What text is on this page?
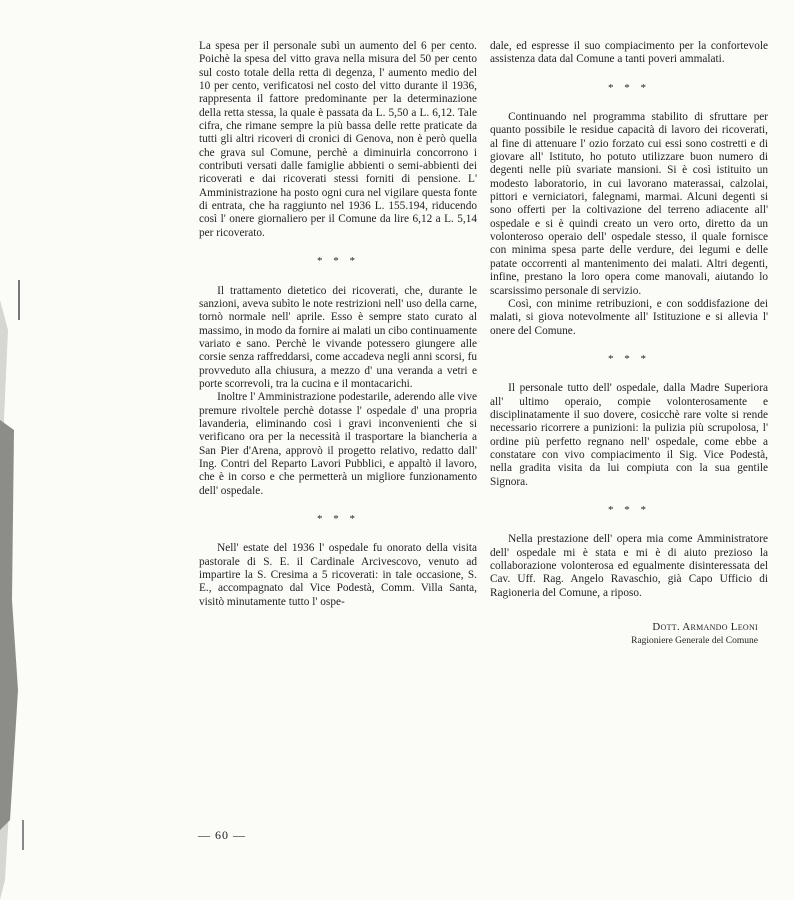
La spesa per il personale subì un aumento del 6 per cento. Poichè la spesa del vitto grava nella misura del 50 per cento sul costo totale della retta di degenza, l' aumento medio del 10 per cento, verificatosi nel costo del vitto durante il 1936, rappresenta il fattore predominante per la determinazione della retta stessa, la quale è passata da L. 5,50 a L. 6,12. Tale cifra, che rimane sempre la più bassa delle rette praticate da tutti gli altri ricoveri di cronici di Genova, non è però quella che grava sul Comune, perchè a diminuirla concorrono i contributi versati dalle famiglie abbienti o semi-abbienti dei ricoverati e dai ricoverati stessi forniti di pensione. L' Amministrazione ha posto ogni cura nel vigilare questa fonte di entrata, che ha raggiunto nel 1936 L. 155.194, riducendo così l' onere giornaliero per il Comune da lire 6,12 a L. 5,14 per ricoverato.

* * *

Il trattamento dietetico dei ricoverati, che, durante le sanzioni, aveva subìto le note restrizioni nell' uso della carne, tornò normale nell' aprile. Esso è sempre stato curato al massimo, in modo da fornire ai malati un cibo continuamente variato e sano. Perchè le vivande potessero giungere alle corsie senza raffreddarsi, come accadeva negli anni scorsi, fu provveduto alla chiusura, a mezzo d' una veranda a vetri e porte scorrevoli, tra la cucina e il montacarichi.

Inoltre l' Amministrazione podestarile, aderendo alle vive premure rivoltele perchè dotasse l' ospedale d' una propria lavanderia, eliminando così i gravi inconvenienti che si verificano ora per la necessità il trasportare la biancheria a San Pier d'Arena, approvò il progetto relativo, redatto dall' Ing. Contri del Reparto Lavori Pubblici, e appaltò il lavoro, che è in corso e che permetterà un migliore funzionamento dell' ospedale.

* * *

Nell' estate del 1936 l' ospedale fu onorato della visita pastorale di S. E. il Cardinale Arcivescovo, venuto ad impartire la S. Cresima a 5 ricoverati: in tale occasione, S. E., accompagnato dal Vice Podestà, Comm. Villa Santa, visitò minutamente tutto l' ospe-

dale, ed espresse il suo compiacimento per la confortevole assistenza data dal Comune a tanti poveri ammalati.

* * *

Continuando nel programma stabilito di sfruttare per quanto possibile le residue capacità di lavoro dei ricoverati, al fine di attenuare l' ozio forzato cui essi sono costretti e di giovare all' Istituto, ho potuto utilizzare buon numero di degenti nelle più svariate mansioni. Si è così istituito un modesto laboratorio, in cui lavorano materassai, calzolai, pittori e verniciatori, falegnami, marmai. Alcuni degenti si sono offerti per la coltivazione del terreno adiacente all' ospedale e si è quindi creato un vero orto, diretto da un volonteroso operaio dell' ospedale stesso, il quale fornisce con minima spesa parte delle verdure, dei legumi e delle patate occorrenti al mantenimento dei malati. Altri degenti, infine, prestano la loro opera come manovali, aiutando lo scarsissimo personale di servizio.

Così, con minime retribuzioni, e con soddisfazione dei malati, si giova notevolmente all' Istituzione e si allevia l' onere del Comune.

* * *

Il personale tutto dell' ospedale, dalla Madre Superiora all' ultimo operaio, compie volonterosamente e disciplinatamente il suo dovere, cosicchè rare volte si rende necessario ricorrere a punizioni: la pulizia più scrupolosa, l' ordine più perfetto regnano nell' ospedale, come ebbe a constatare con vivo compiacimento il Sig. Vice Podestà, nella gradita visita da lui compiuta con la sua gentile Signora.

* * *

Nella prestazione dell' opera mia come Amministratore dell' ospedale mi è stata e mi è di aiuto prezioso la collaborazione volonterosa ed egualmente disinteressata del Cav. Uff. Rag. Angelo Ravaschio, già Capo Ufficio di Ragioneria del Comune, a riposo.

Dott. Armando Leoni
Ragioniere Generale del Comune
— 60 —
